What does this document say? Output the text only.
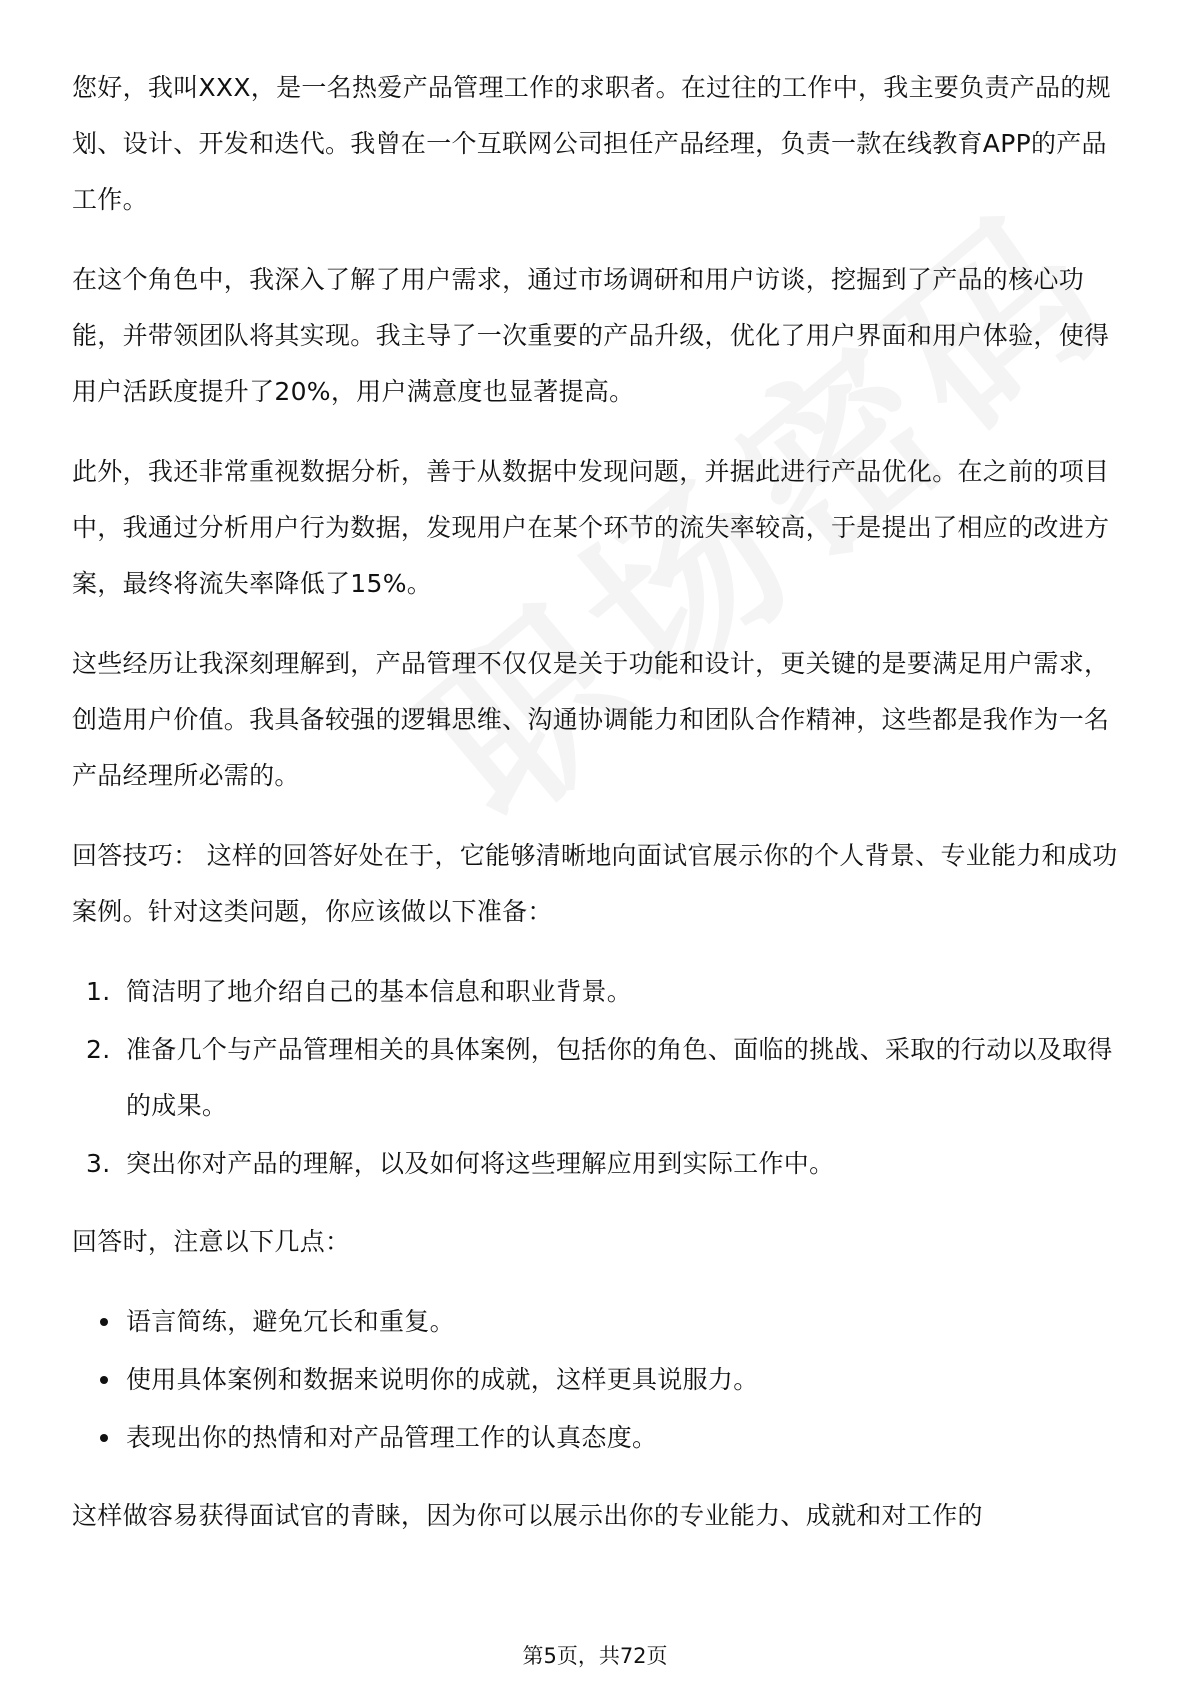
您好，我叫XXX，是一名热爱产品管理工作的求职者。在过往的工作中，我主要负责产品的规划、设计、开发和迭代。我曾在一个互联网公司担任产品经理，负责一款在线教育APP的产品工作。

在这个角色中，我深入了解了用户需求，通过市场调研和用户访谈，挖掘到了产品的核心功能，并带领团队将其实现。我主导了一次重要的产品升级，优化了用户界面和用户体验，使得用户活跃度提升了20%，用户满意度也显著提高。

此外，我还非常重视数据分析，善于从数据中发现问题，并据此进行产品优化。在之前的项目中，我通过分析用户行为数据，发现用户在某个环节的流失率较高，于是提出了相应的改进方案，最终将流失率降低了15%。

这些经历让我深刻理解到，产品管理不仅仅是关于功能和设计，更关键的是要满足用户需求，创造用户价值。我具备较强的逻辑思维、沟通协调能力和团队合作精神，这些都是我作为一名产品经理所必需的。

回答技巧： 这样的回答好处在于，它能够清晰地向面试官展示你的个人背景、专业能力和成功案例。针对这类问题，你应该做以下准备：

1. 简洁明了地介绍自己的基本信息和职业背景。
2. 准备几个与产品管理相关的具体案例，包括你的角色、面临的挑战、采取的行动以及取得的成果。
3. 突出你对产品的理解，以及如何将这些理解应用到实际工作中。

回答时，注意以下几点：

语言简练，避免冗长和重复。
使用具体案例和数据来说明你的成就，这样更具说服力。
表现出你的热情和对产品管理工作的认真态度。

这样做容易获得面试官的青睐，因为你可以展示出你的专业能力、成就和对工作的

第5页，共72页
